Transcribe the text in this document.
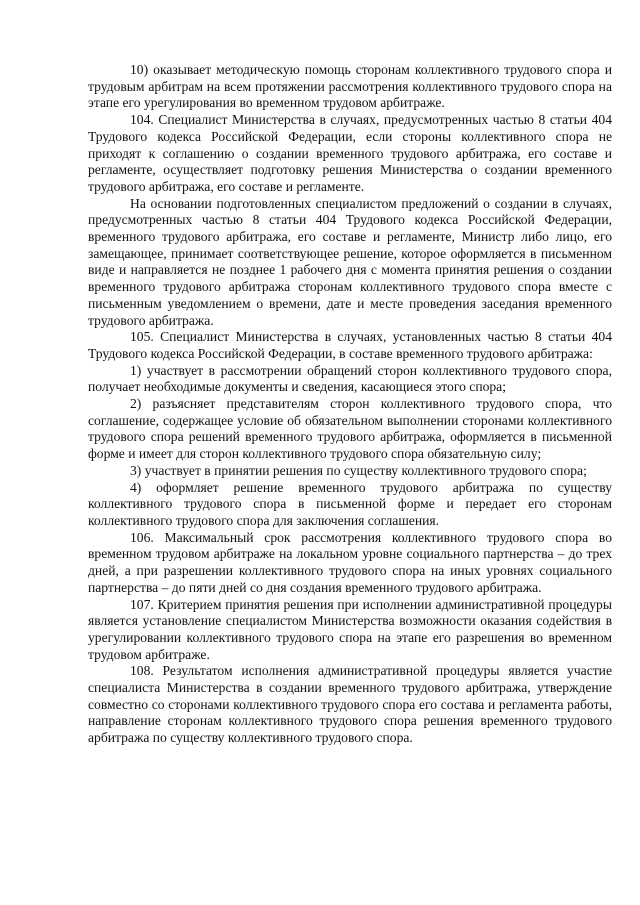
10) оказывает методическую помощь сторонам коллективного трудового спора и трудовым арбитрам на всем протяжении рассмотрения коллективного трудового спора на этапе его урегулирования во временном трудовом арбитраже.

104. Специалист Министерства в случаях, предусмотренных частью 8 статьи 404 Трудового кодекса Российской Федерации, если стороны коллективного спора не приходят к соглашению о создании временного трудового арбитража, его составе и регламенте, осуществляет подготовку решения Министерства о создании временного трудового арбитража, его составе и регламенте.

На основании подготовленных специалистом предложений о создании в случаях, предусмотренных частью 8 статьи 404 Трудового кодекса Российской Федерации, временного трудового арбитража, его составе и регламенте, Министр либо лицо, его замещающее, принимает соответствующее решение, которое оформляется в письменном виде и направляется не позднее 1 рабочего дня с момента принятия решения о создании временного трудового арбитража сторонам коллективного трудового спора вместе с письменным уведомлением о времени, дате и месте проведения заседания временного трудового арбитража.

105. Специалист Министерства в случаях, установленных частью 8 статьи 404 Трудового кодекса Российской Федерации, в составе временного трудового арбитража:

1) участвует в рассмотрении обращений сторон коллективного трудового спора, получает необходимые документы и сведения, касающиеся этого спора;

2) разъясняет представителям сторон коллективного трудового спора, что соглашение, содержащее условие об обязательном выполнении сторонами коллективного трудового спора решений временного трудового арбитража, оформляется в письменной форме и имеет для сторон коллективного трудового спора обязательную силу;

3) участвует в принятии решения по существу коллективного трудового спора;

4) оформляет решение временного трудового арбитража по существу коллективного трудового спора в письменной форме и передает его сторонам коллективного трудового спора для заключения соглашения.

106. Максимальный срок рассмотрения коллективного трудового спора во временном трудовом арбитраже на локальном уровне социального партнерства – до трех дней, а при разрешении коллективного трудового спора на иных уровнях социального партнерства – до пяти дней со дня создания временного трудового арбитража.

107. Критерием принятия решения при исполнении административной процедуры является установление специалистом Министерства возможности оказания содействия в урегулировании коллективного трудового спора на этапе его разрешения во временном трудовом арбитраже.

108. Результатом исполнения административной процедуры является участие специалиста Министерства в создании временного трудового арбитража, утверждение совместно со сторонами коллективного трудового спора его состава и регламента работы, направление сторонам коллективного трудового спора решения временного трудового арбитража по существу коллективного трудового спора.
